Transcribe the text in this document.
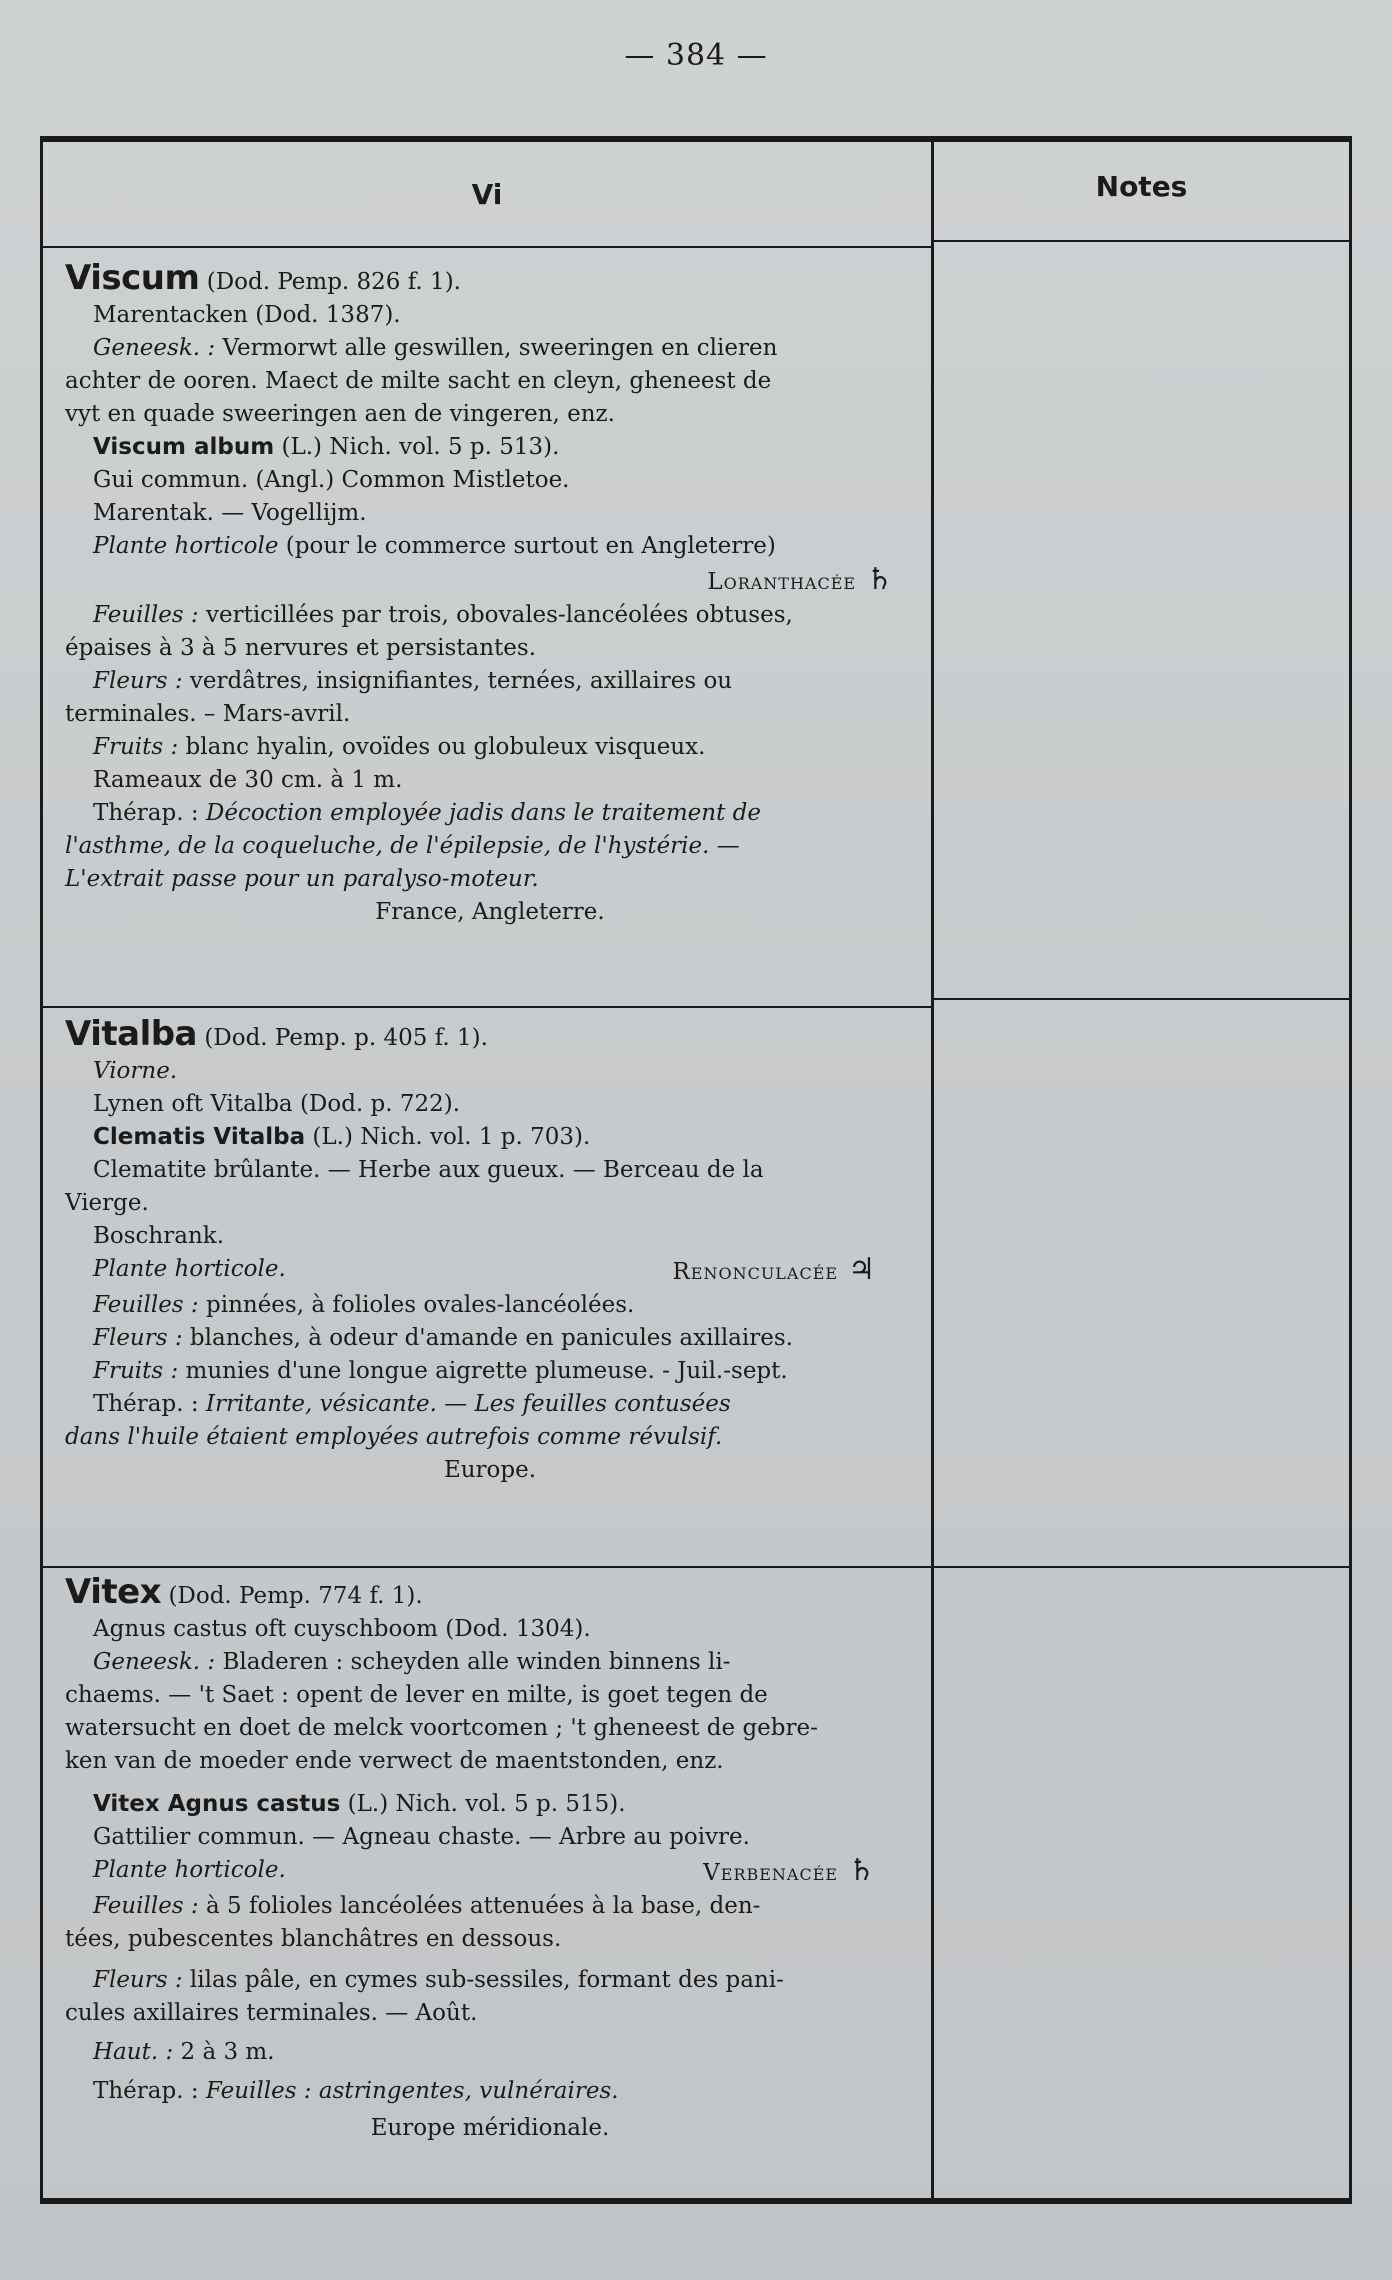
— 384 —
Vi	Notes
Viscum (Dod. Pemp. 826 f. 1).
Marentacken (Dod. 1387).
Geneesk. : Vermorwt alle geswillen, sweeringen en clieren
achter de ooren. Maect de milte sacht en cleyn, gheneest de
vyt en quade sweeringen aen de vingeren, enz.
Viscum album (L.) Nich. vol. 5 p. 513).
Gui commun. (Angl.) Common Mistletoe.
Marentak. — Vogellijm.
Plante horticole (pour le commerce surtout en Angleterre)
Loranthacée ♄
Feuilles : verticillées par trois, obovales-lancéolées obtuses,
épaises à 3 à 5 nervures et persistantes.
Fleurs : verdâtres, insignifiantes, ternées, axillaires ou
terminales. – Mars-avril.
Fruits : blanc hyalin, ovoïdes ou globuleux visqueux.
Rameaux de 30 cm. à 1 m.
Thérap. : Décoction employée jadis dans le traitement de
l'asthme, de la coqueluche, de l'épilepsie, de l'hystérie. —
L'extrait passe pour un paralyso-moteur.
France, Angleterre.
Vitalba (Dod. Pemp. p. 405 f. 1).
Viorne.
Lynen oft Vitalba (Dod. p. 722).
Clematis Vitalba (L.) Nich. vol. 1 p. 703).
Clematite brûlante. — Herbe aux gueux. — Berceau de la
Vierge.
Boschrank.
Plante horticole.	Renonculacée ♃
Feuilles : pinnées, à folioles ovales-lancéolées.
Fleurs : blanches, à odeur d'amande en panicules axillaires.
Fruits : munies d'une longue aigrette plumeuse. - Juil.-sept.
Thérap. : Irritante, vésicante. — Les feuilles contusées
dans l'huile étaient employées autrefois comme révulsif.
Europe.
Vitex (Dod. Pemp. 774 f. 1).
Agnus castus oft cuyschboom (Dod. 1304).
Geneesk. : Bladeren : scheyden alle winden binnens li-
chaems. — 't Saet : opent de lever en milte, is goet tegen de
watersucht en doet de melck voortcomen ; 't gheneest de gebre-
ken van de moeder ende verwect de maentstonden, enz.
Vitex Agnus castus (L.) Nich. vol. 5 p. 515).
Gattilier commun. — Agneau chaste. — Arbre au poivre.
Plante horticole.	Verbenacée ♄
Feuilles : à 5 folioles lancéolées attenuées à la base, den-
tées, pubescentes blanchâtres en dessous.
Fleurs : lilas pâle, en cymes sub-sessiles, formant des pani-
cules axillaires terminales. — Août.
Haut. : 2 à 3 m.
Thérap. : Feuilles : astringentes, vulnéraires.
Europe méridionale.
